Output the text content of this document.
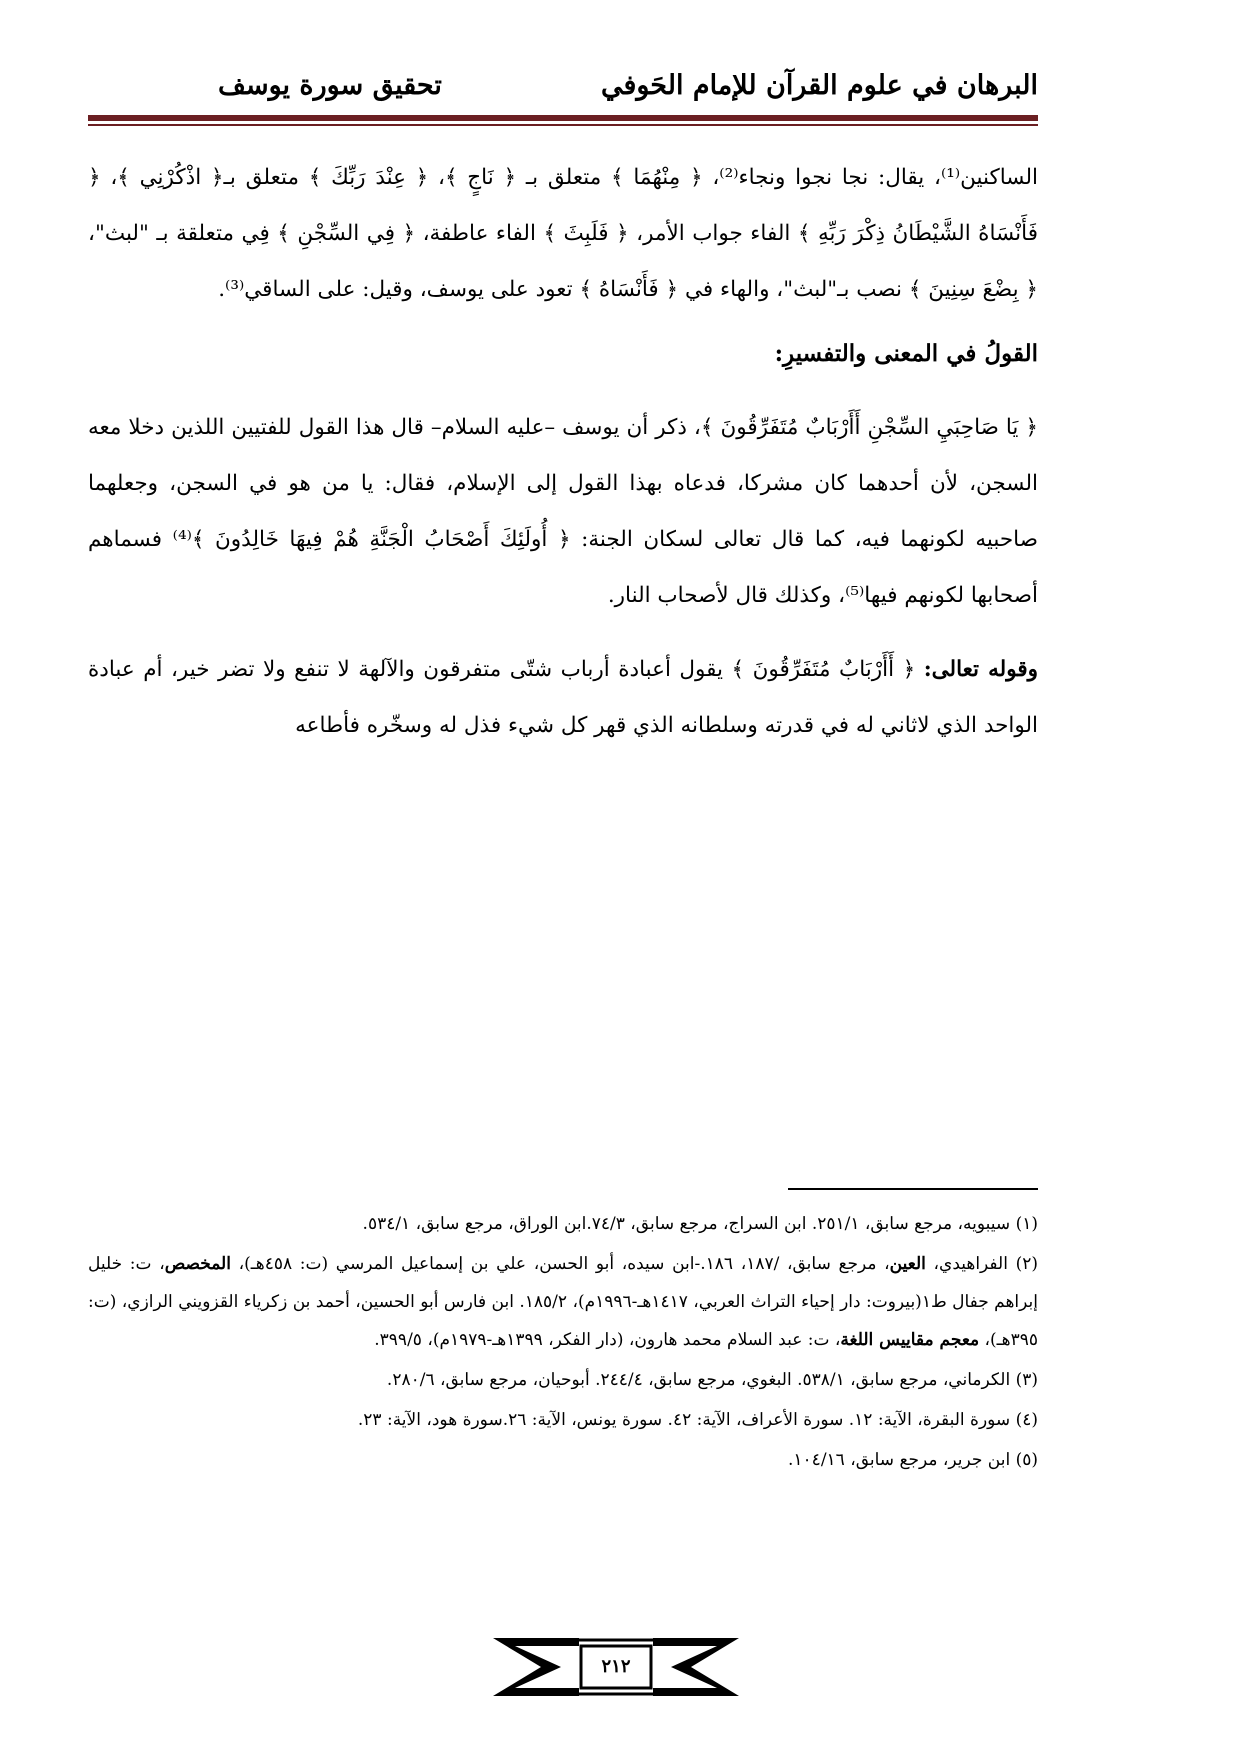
البرهان في علوم القرآن للإمام الحَوفي
تحقيق سورة يوسف

الساكنين⁽¹⁾، يقال: نجا نجوا ونجاء⁽²⁾، ﴿ مِنْهُمَا ﴾ متعلق بـ ﴿ نَاجٍ ﴾، ﴿ عِنْدَ رَبِّكَ ﴾ متعلق بـ﴿ اذْكُرْنِي ﴾، ﴿ فَأَنْسَاهُ الشَّيْطَانُ ذِكْرَ رَبِّهِ ﴾ الفاء جواب الأمر، ﴿ فَلَبِثَ ﴾ الفاء عاطفة، ﴿ فِي السِّجْنِ ﴾ فِي متعلقة بـ "لبث"، ﴿ بِضْعَ سِنِينَ ﴾ نصب بـ"لبث"، والهاء في ﴿ فَأَنْسَاهُ ﴾ تعود على يوسف، وقيل: على الساقي⁽³⁾.

القولُ في المعنى والتفسيرِ:

﴿ يَا صَاحِبَيِ السِّجْنِ أَأَرْبَابٌ مُتَفَرِّقُونَ ﴾، ذكر أن يوسف –عليه السلام– قال هذا القول للفتيين اللذين دخلا معه السجن، لأن أحدهما كان مشركا، فدعاه بهذا القول إلى الإسلام، فقال: يا من هو في السجن، وجعلهما صاحبيه لكونهما فيه، كما قال تعالى لسكان الجنة: ﴿ أُولَئِكَ أَصْحَابُ الْجَنَّةِ هُمْ فِيهَا خَالِدُونَ ﴾⁽⁴⁾ فسماهم أصحابها لكونهم فيها⁽⁵⁾، وكذلك قال لأصحاب النار.

وقوله تعالى: ﴿ أَأَرْبَابٌ مُتَفَرِّقُونَ ﴾ يقول أعبادة أرباب شتّى متفرقون والآلهة لا تنفع ولا تضر خير، أم عبادة الواحد الذي لاثاني له في قدرته وسلطانه الذي قهر كل شيء فذل له وسخّره فأطاعه

(١) سيبويه، مرجع سابق، ٢٥١/١. ابن السراج، مرجع سابق، ٧٤/٣.ابن الوراق، مرجع سابق، ٥٣٤/١.

(٢) الفراهيدي، العين، مرجع سابق، /١٨٧، ١٨٦.-ابن سيده، أبو الحسن، علي بن إسماعيل المرسي (ت: ٤٥٨هـ)، المخصص، ت: خليل إبراهم جفال ط١(بيروت: دار إحياء التراث العربي، ١٤١٧هـ-١٩٩٦م)، ١٨٥/٢. ابن فارس أبو الحسين، أحمد بن زكرياء القزويني الرازي، (ت: ٣٩٥هـ)، معجم مقاييس اللغة، ت: عبد السلام محمد هارون، (دار الفكر، ١٣٩٩هـ-١٩٧٩م)، ٣٩٩/٥.

(٣) الكرماني، مرجع سابق، ٥٣٨/١. البغوي، مرجع سابق، ٢٤٤/٤. أبوحيان، مرجع سابق، ٢٨٠/٦.

(٤) سورة البقرة، الآية: ١٢. سورة الأعراف، الآية: ٤٢. سورة يونس، الآية: ٢٦.سورة هود، الآية: ٢٣.

(٥) ابن جرير، مرجع سابق، ١٠٤/١٦.

٢١٢
